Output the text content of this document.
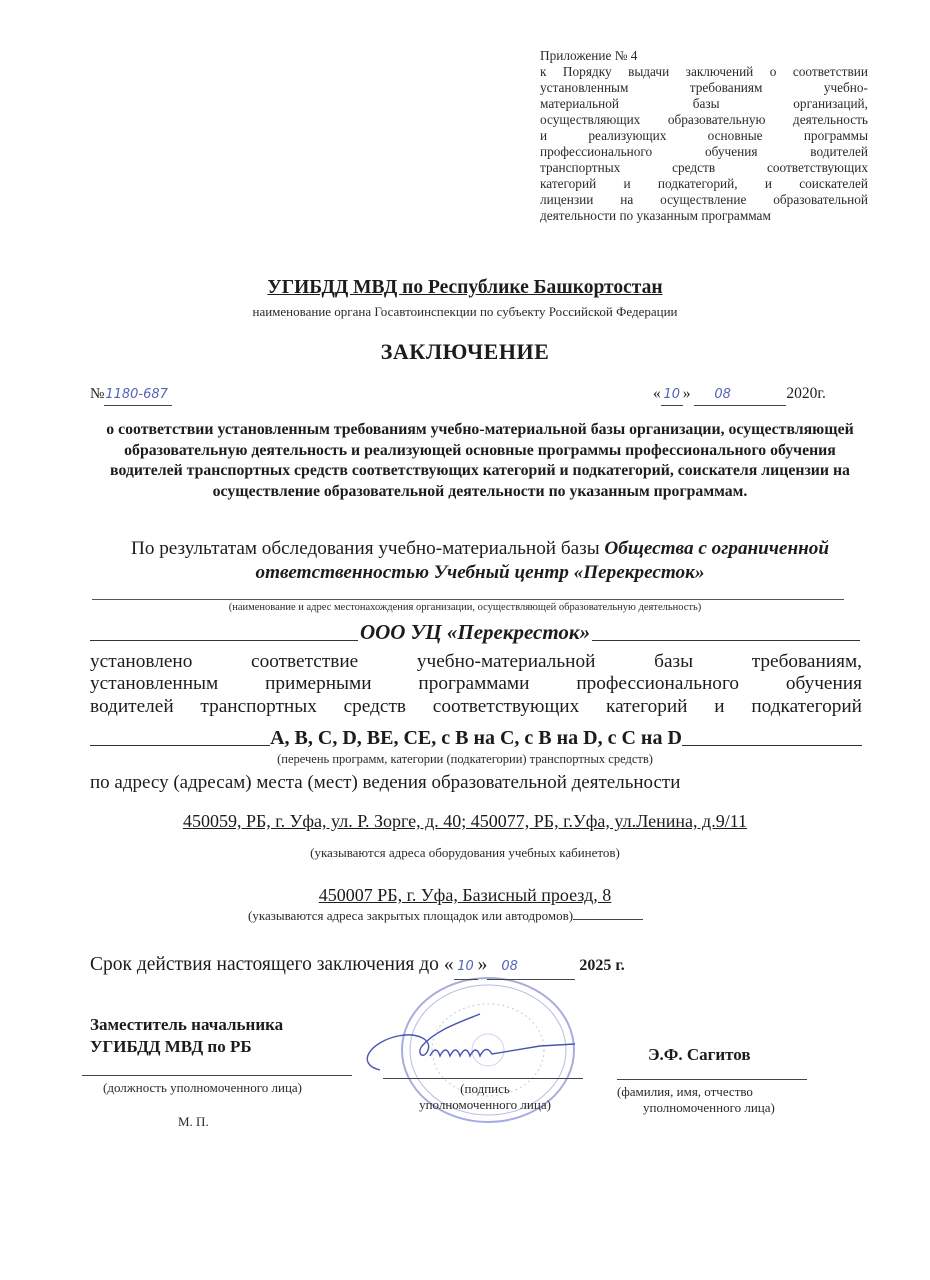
Приложение № 4
к Порядку выдачи заключений о соответствии
установленным требованиям учебно-
материальной базы организаций,
осуществляющих образовательную деятельность
и реализующих основные программы
профессионального обучения водителей
транспортных средств соответствующих
категорий и подкатегорий, и соискателей
лицензии на осуществление образовательной
деятельности по указанным программам
УГИБДД МВД по Республике Башкортостан
наименование органа Госавтоинспекции по субъекту Российской Федерации
ЗАКЛЮЧЕНИЕ
№1180-687	« 10 » 08	2020г.
о соответствии установленным требованиям учебно-материальной базы организации, осуществляющей образовательную деятельность и реализующей основные программы профессионального обучения водителей транспортных средств соответствующих категорий и подкатегорий, соискателя лицензии на осуществление образовательной деятельности по указанным программам.
По результатам обследования учебно-материальной базы Общества с ограниченной ответственностью Учебный центр «Перекресток»
(наименование и адрес местонахождения организации, осуществляющей образовательную деятельность)
ООО УЦ «Перекресток»
установлено соответствие учебно-материальной базы требованиям,
установленным примерными программами профессионального обучения
водителей транспортных средств соответствующих категорий и подкатегорий
A, B, C, D, BE, CE, с B на C, с B на D, с C на D
(перечень программ, категории (подкатегории) транспортных средств)
по адресу (адресам) места (мест) ведения образовательной деятельности
450059, РБ, г. Уфа, ул. Р. Зорге, д. 40; 450077, РБ, г.Уфа, ул.Ленина, д.9/11
(указываются адреса оборудования учебных кабинетов)
450007 РБ, г. Уфа, Базисный проезд, 8
(указываются адреса закрытых площадок или автодромов)
Срок действия настоящего заключения до « 10 » 08	2025 г.
Заместитель начальника
УГИБДД МВД по РБ
(должность уполномоченного лица)
М. П.
(подпись
уполномоченного лица)
Э.Ф. Сагитов
(фамилия, имя, отчество
уполномоченного лица)
